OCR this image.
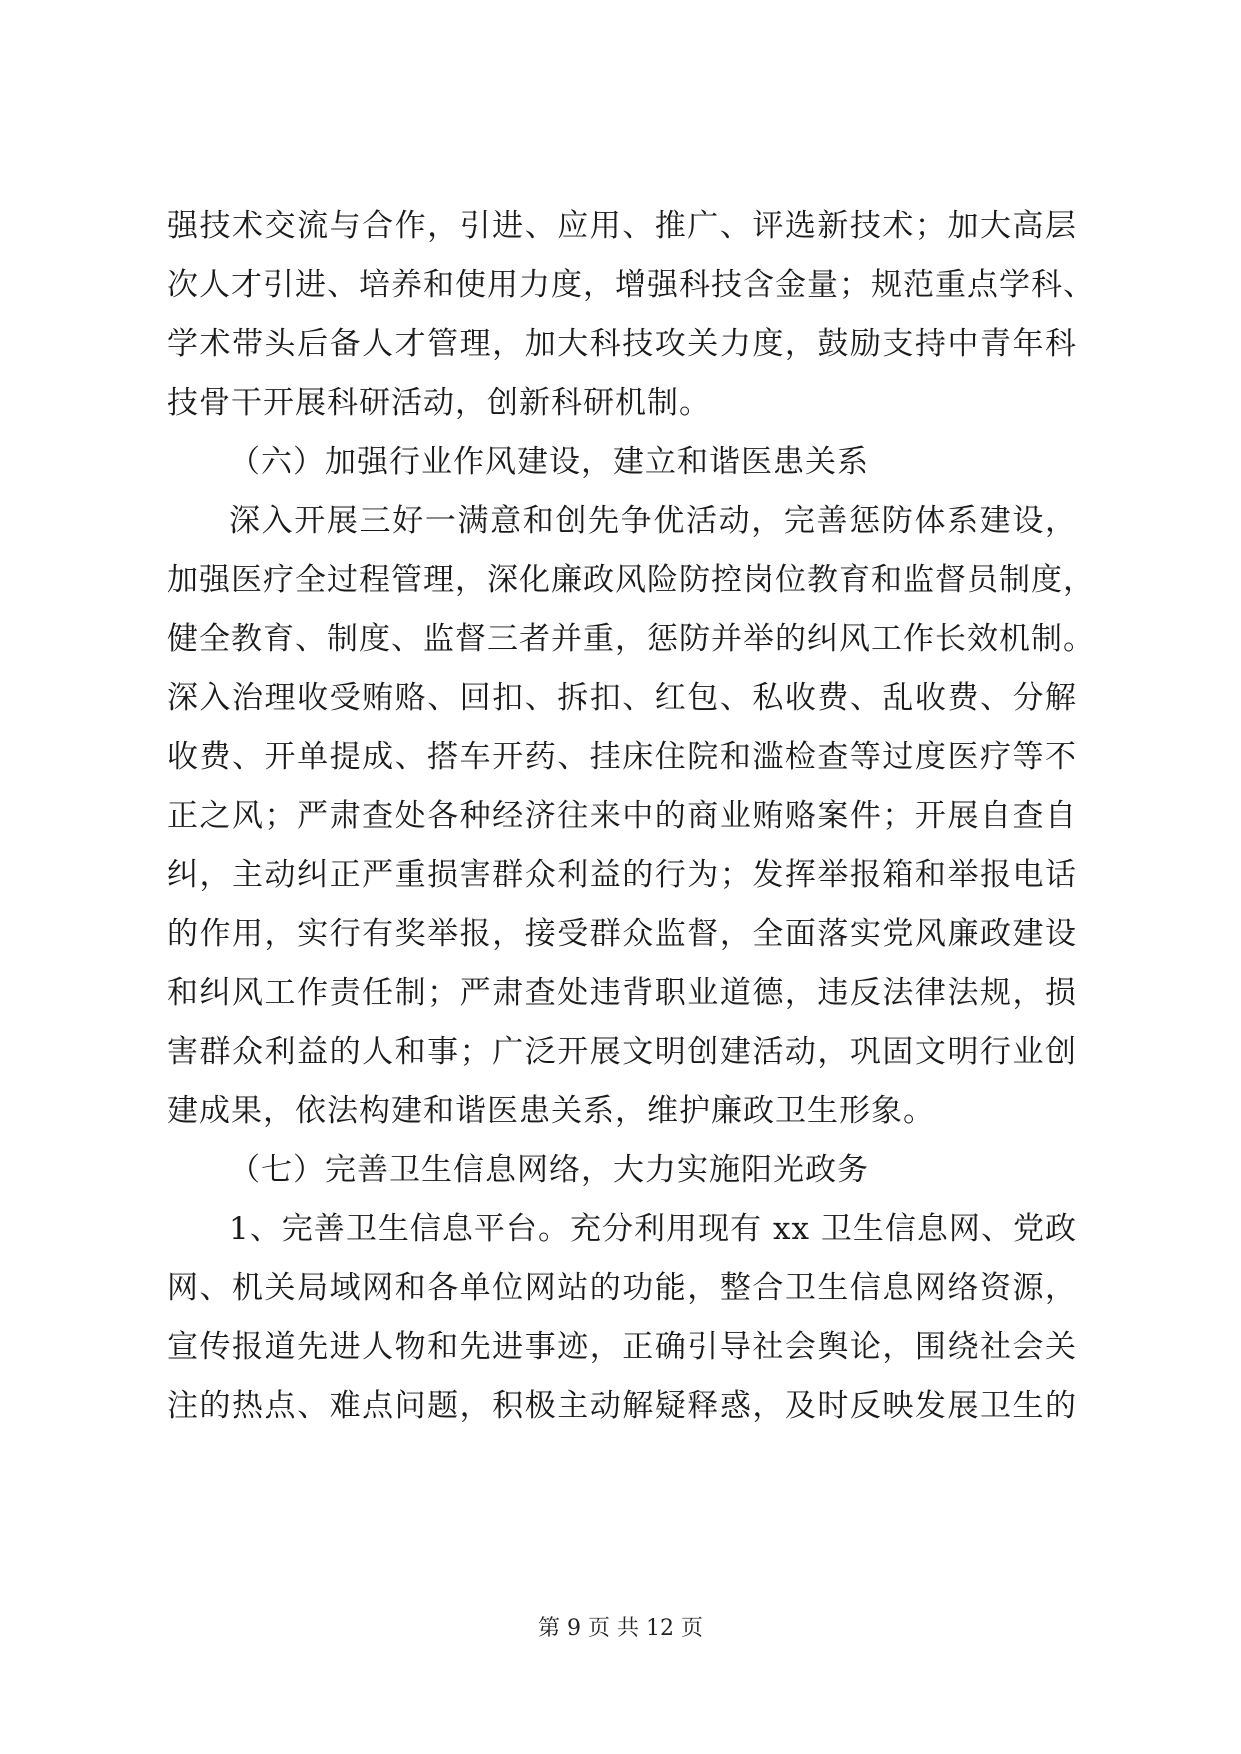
强技术交流与合作，引进、应用、推广、评选新技术；加大高层
次人才引进、培养和使用力度，增强科技含金量；规范重点学科、
学术带头后备人才管理，加大科技攻关力度，鼓励支持中青年科
技骨干开展科研活动，创新科研机制。
（六）加强行业作风建设，建立和谐医患关系
深入开展三好一满意和创先争优活动，完善惩防体系建设，
加强医疗全过程管理，深化廉政风险防控岗位教育和监督员制度，
健全教育、制度、监督三者并重，惩防并举的纠风工作长效机制。
深入治理收受贿赂、回扣、拆扣、红包、私收费、乱收费、分解
收费、开单提成、搭车开药、挂床住院和滥检查等过度医疗等不
正之风；严肃查处各种经济往来中的商业贿赂案件；开展自查自
纠，主动纠正严重损害群众利益的行为；发挥举报箱和举报电话
的作用，实行有奖举报，接受群众监督，全面落实党风廉政建设
和纠风工作责任制；严肃查处违背职业道德，违反法律法规，损
害群众利益的人和事；广泛开展文明创建活动，巩固文明行业创
建成果，依法构建和谐医患关系，维护廉政卫生形象。
（七）完善卫生信息网络，大力实施阳光政务
1、完善卫生信息平台。充分利用现有 xx 卫生信息网、党政
网、机关局域网和各单位网站的功能，整合卫生信息网络资源，
宣传报道先进人物和先进事迹，正确引导社会舆论，围绕社会关
注的热点、难点问题，积极主动解疑释惑，及时反映发展卫生的
第 9 页 共 12 页
